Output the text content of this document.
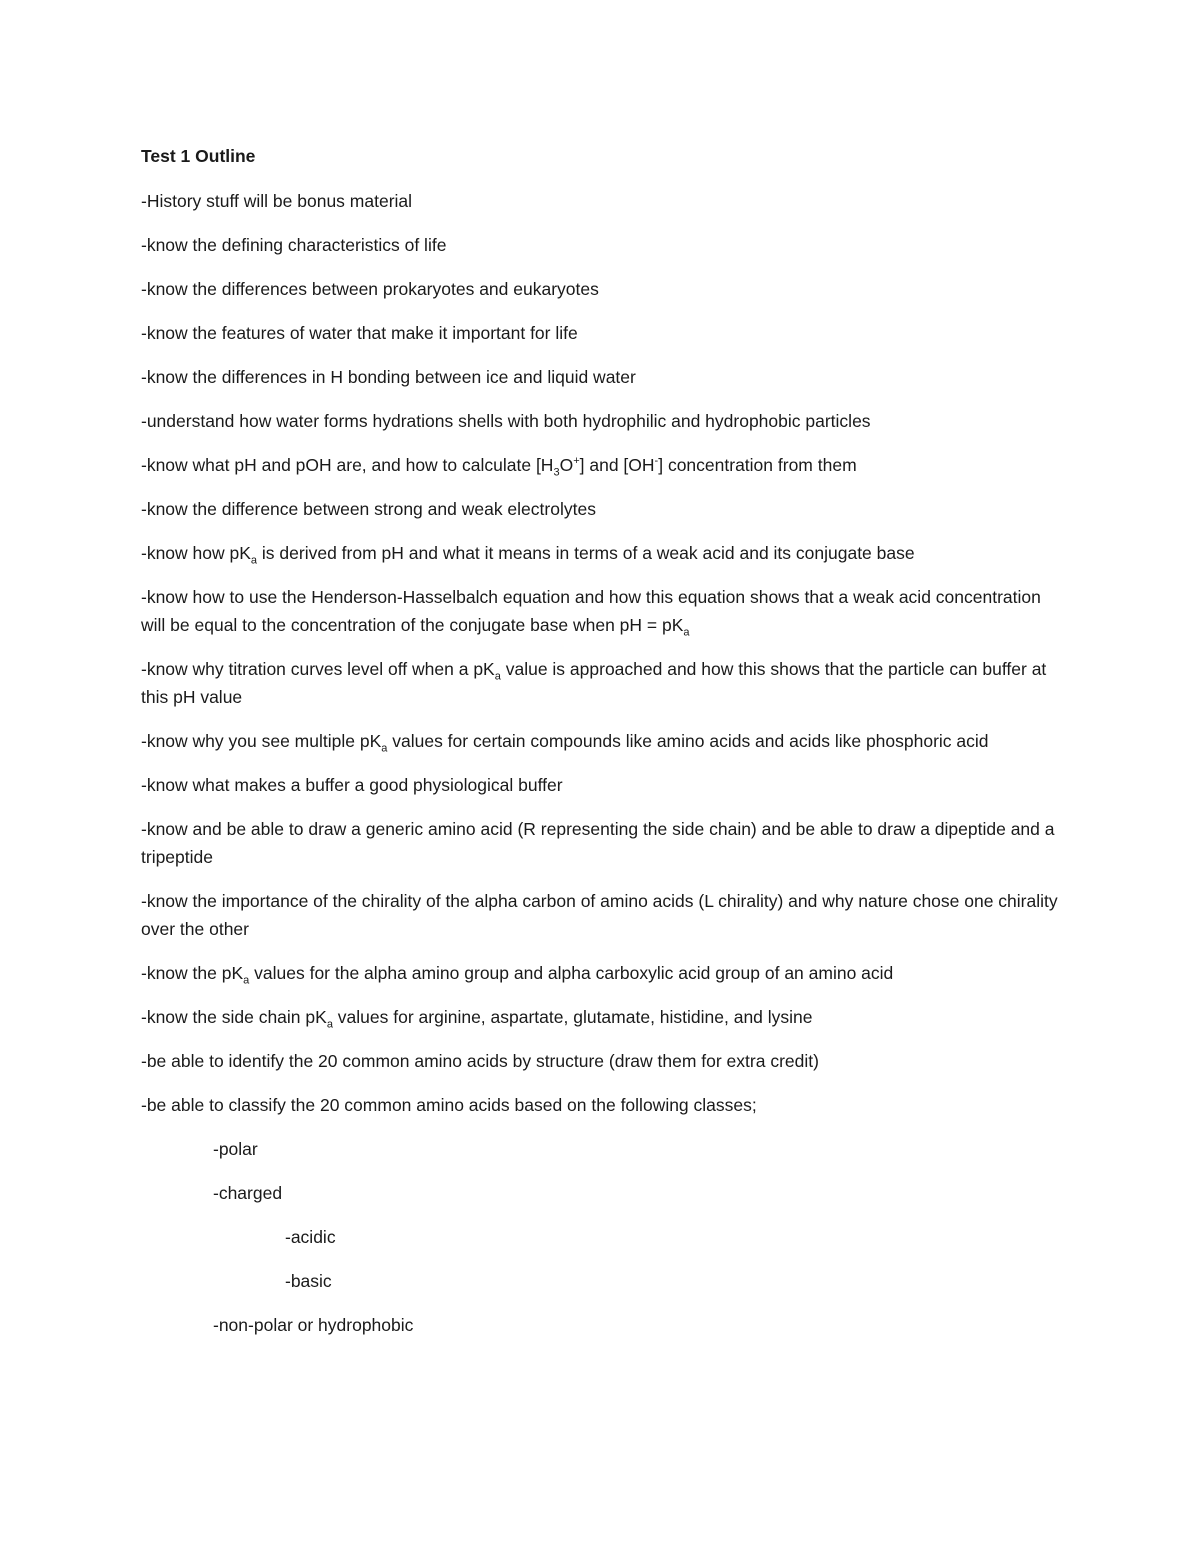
Test 1 Outline
-History stuff will be bonus material
-know the defining characteristics of life
-know the differences between prokaryotes and eukaryotes
-know the features of water that make it important for life
-know the differences in H bonding between ice and liquid water
-understand how water forms hydrations shells with both hydrophilic and hydrophobic particles
-know what pH and pOH are, and how to calculate $[H_3O^+]$ and [OH-] concentration from them
-know the difference between strong and weak electrolytes
-know how $pK_a$ is derived from pH and what it means in terms of a weak acid and its conjugate base
-know how to use the Henderson-Hasselbalch equation and how this equation shows that a weak acid concentration will be equal to the concentration of the conjugate base when pH = $pK_a$
-know why titration curves level off when a $pK_a$ value is approached and how this shows that the particle can buffer at this pH value
-know why you see multiple $pK_a$ values for certain compounds like amino acids and acids like phosphoric acid
-know what makes a buffer a good physiological buffer
-know and be able to draw a generic amino acid (R representing the side chain) and be able to draw a dipeptide and a tripeptide
-know the importance of the chirality of the alpha carbon of amino acids (L chirality) and why nature chose one chirality over the other
-know the $pK_a$ values for the alpha amino group and alpha carboxylic acid group of an amino acid
-know the side chain $pK_a$ values for arginine, aspartate, glutamate, histidine, and lysine
-be able to identify the 20 common amino acids by structure (draw them for extra credit)
-be able to classify the 20 common amino acids based on the following classes;
-polar
-charged
-acidic
-basic
-non-polar or hydrophobic
